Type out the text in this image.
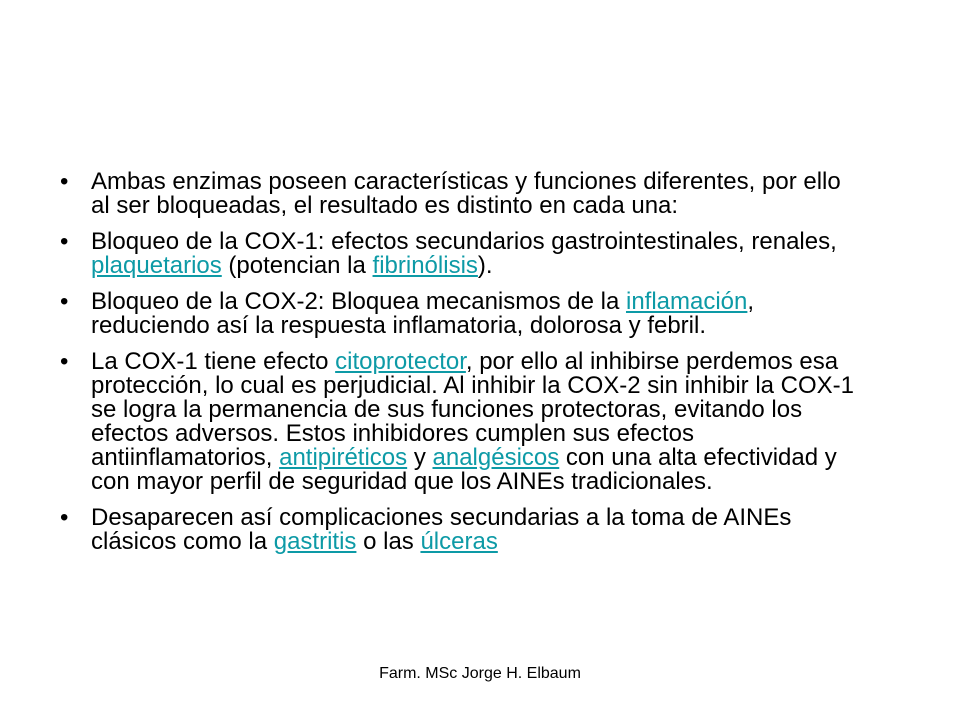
• Ambas enzimas poseen características y funciones diferentes, por ello al ser bloqueadas, el resultado es distinto en cada una:
• Bloqueo de la COX-1: efectos secundarios gastrointestinales, renales, plaquetarios (potencian la fibrinólisis).
• Bloqueo de la COX-2: Bloquea mecanismos de la inflamación, reduciendo así la respuesta inflamatoria, dolorosa y febril.
• La COX-1 tiene efecto citoprotector, por ello al inhibirse perdemos esa protección, lo cual es perjudicial. Al inhibir la COX-2 sin inhibir la COX-1 se logra la permanencia de sus funciones protectoras, evitando los efectos adversos. Estos inhibidores cumplen sus efectos antiinflamatorios, antipiréticos y analgésicos con una alta efectividad y con mayor perfil de seguridad que los AINEs tradicionales.
• Desaparecen así complicaciones secundarias a la toma de AINEs clásicos como la gastritis o las úlceras
Farm. MSc Jorge H. Elbaum
